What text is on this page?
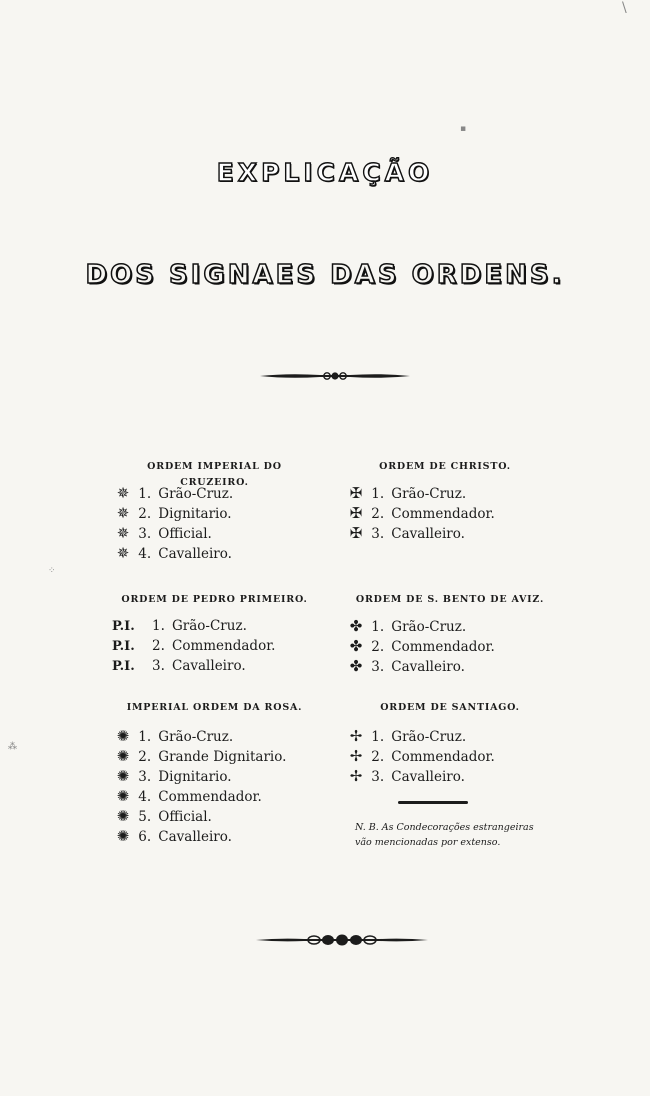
EXPLICAÇÃO
DOS SIGNAES DAS ORDENS.
ORDEM IMPERIAL DO CRUZEIRO.
✵ 1. Grão-Cruz.
✵ 2. Dignitario.
✵ 3. Official.
✵ 4. Cavalleiro.
ORDEM DE CHRISTO.
✠ 1. Grão-Cruz.
✠ 2. Commendador.
✠ 3. Cavalleiro.
ORDEM DE PEDRO PRIMEIRO.
P.I. 1. Grão-Cruz.
P.I. 2. Commendador.
P.I. 3. Cavalleiro.
ORDEM DE S. BENTO DE AVIZ.
✤ 1. Grão-Cruz.
✤ 2. Commendador.
✤ 3. Cavalleiro.
IMPERIAL ORDEM DA ROSA.
✺ 1. Grão-Cruz.
✺ 2. Grande Dignitario.
✺ 3. Dignitario.
✺ 4. Commendador.
✺ 5. Official.
✺ 6. Cavalleiro.
ORDEM DE SANTIAGO.
✢ 1. Grão-Cruz.
✢ 2. Commendador.
✢ 3. Cavalleiro.
N. B. As Condecorações estrangeiras
vão mencionadas por extenso.
\
▪
⁂
⁘
